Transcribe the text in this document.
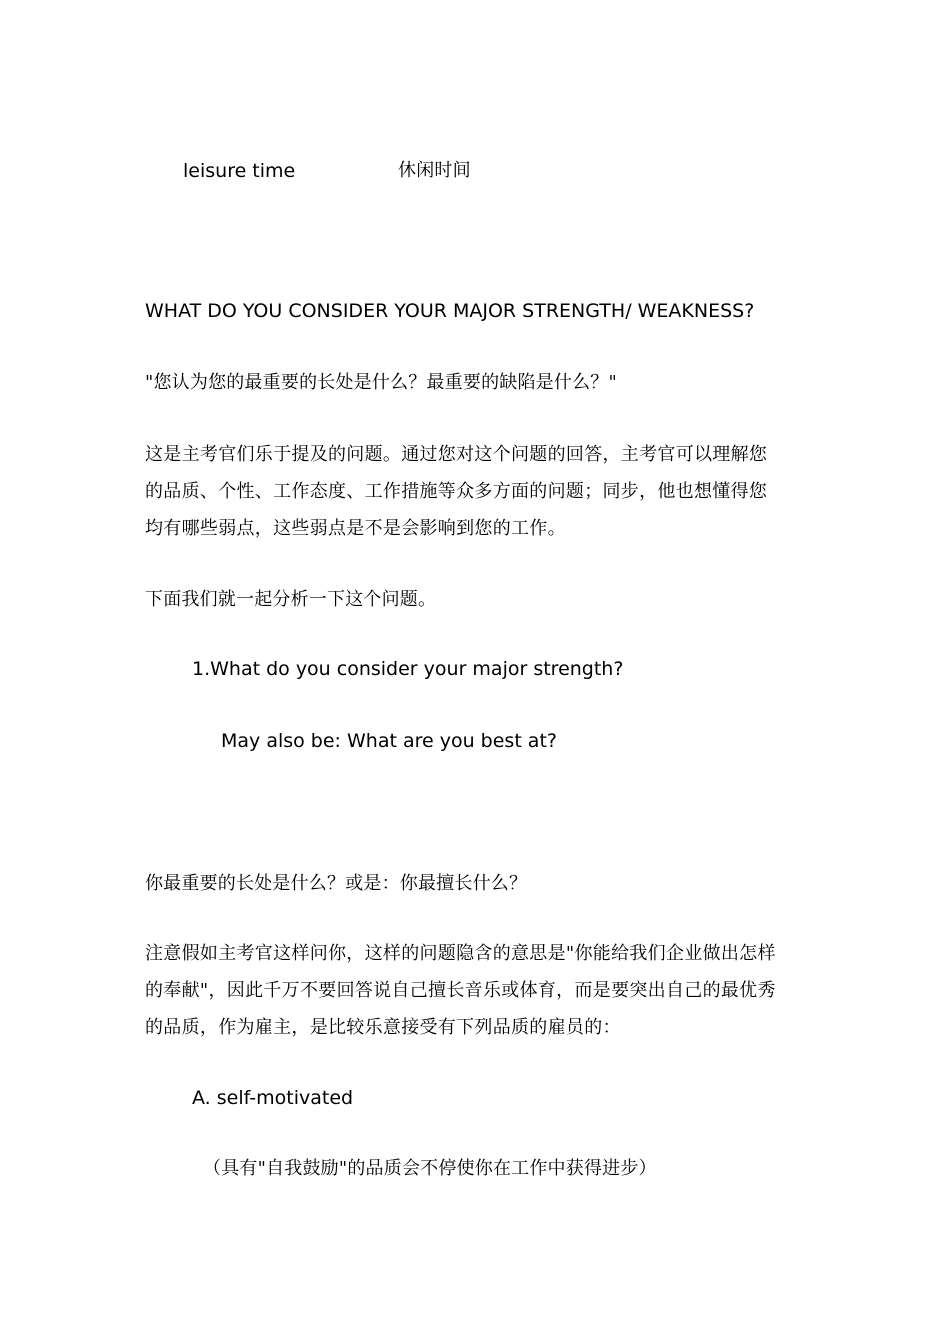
leisure time	休闲时间
WHAT DO YOU CONSIDER YOUR MAJOR STRENGTH/ WEAKNESS?
"您认为您的最重要的长处是什么？最重要的缺陷是什么？"
这是主考官们乐于提及的问题。通过您对这个问题的回答，主考官可以理解您
的品质、个性、工作态度、工作措施等众多方面的问题；同步，他也想懂得您
均有哪些弱点，这些弱点是不是会影响到您的工作。
下面我们就一起分析一下这个问题。
1.What do you consider your major strength?
May also be: What are you best at?
你最重要的长处是什么？或是：你最擅长什么？
注意假如主考官这样问你，这样的问题隐含的意思是"你能给我们企业做出怎样
的奉献"，因此千万不要回答说自己擅长音乐或体育，而是要突出自己的最优秀
的品质，作为雇主，是比较乐意接受有下列品质的雇员的：
A. self-motivated
（具有"自我鼓励"的品质会不停使你在工作中获得进步）
